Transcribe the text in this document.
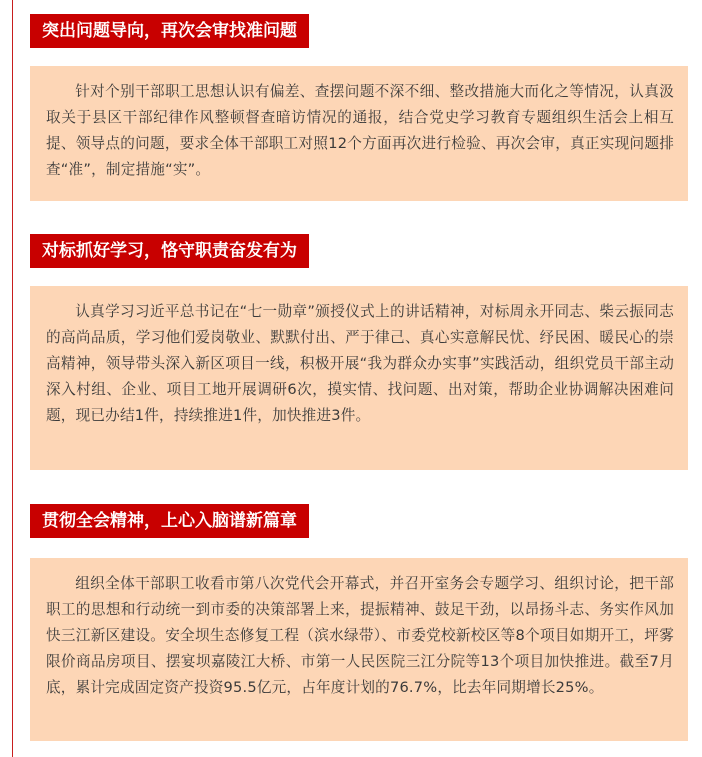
突出问题导向，再次会审找准问题

针对个别干部职工思想认识有偏差、查摆问题不深不细、整改措施大而化之等情况，认真汲取关于县区干部纪律作风整顿督查暗访情况的通报，结合党史学习教育专题组织生活会上相互提、领导点的问题，要求全体干部职工对照12个方面再次进行检验、再次会审，真正实现问题排查“准”，制定措施“实”。

对标抓好学习，恪守职责奋发有为

认真学习习近平总书记在“七一勋章”颁授仪式上的讲话精神，对标周永开同志、柴云振同志的高尚品质，学习他们爱岗敬业、默默付出、严于律己、真心实意解民忧、纾民困、暖民心的崇高精神，领导带头深入新区项目一线，积极开展“我为群众办实事”实践活动，组织党员干部主动深入村组、企业、项目工地开展调研6次，摸实情、找问题、出对策，帮助企业协调解决困难问题，现已办结1件，持续推进1件，加快推进3件。

贯彻全会精神，上心入脑谱新篇章

组织全体干部职工收看市第八次党代会开幕式，并召开室务会专题学习、组织讨论，把干部职工的思想和行动统一到市委的决策部署上来，提振精神、鼓足干劲，以昂扬斗志、务实作风加快三江新区建设。安全坝生态修复工程（滨水绿带）、市委党校新校区等8个项目如期开工，坪雾限价商品房项目、摆宴坝嘉陵江大桥、市第一人民医院三江分院等13个项目加快推进。截至7月底，累计完成固定资产投资95.5亿元，占年度计划的76.7%，比去年同期增长25%。
